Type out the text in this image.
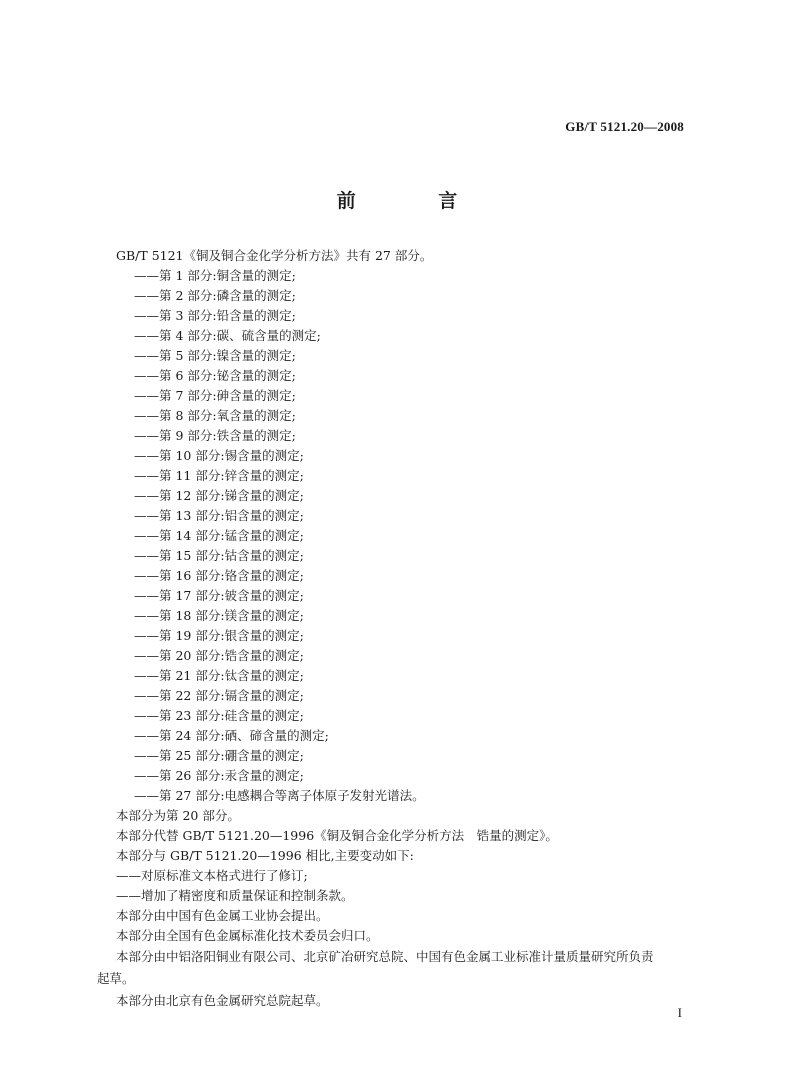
GB/T 5121.20—2008
前 言
GB/T 5121《铜及铜合金化学分析方法》共有 27 部分。
——第 1 部分:铜含量的测定;
——第 2 部分:磷含量的测定;
——第 3 部分:铅含量的测定;
——第 4 部分:碳、硫含量的测定;
——第 5 部分:镍含量的测定;
——第 6 部分:铋含量的测定;
——第 7 部分:砷含量的测定;
——第 8 部分:氧含量的测定;
——第 9 部分:铁含量的测定;
——第 10 部分:锡含量的测定;
——第 11 部分:锌含量的测定;
——第 12 部分:锑含量的测定;
——第 13 部分:铝含量的测定;
——第 14 部分:锰含量的测定;
——第 15 部分:钴含量的测定;
——第 16 部分:铬含量的测定;
——第 17 部分:铍含量的测定;
——第 18 部分:镁含量的测定;
——第 19 部分:银含量的测定;
——第 20 部分:锆含量的测定;
——第 21 部分:钛含量的测定;
——第 22 部分:镉含量的测定;
——第 23 部分:硅含量的测定;
——第 24 部分:硒、碲含量的测定;
——第 25 部分:硼含量的测定;
——第 26 部分:汞含量的测定;
——第 27 部分:电感耦合等离子体原子发射光谱法。
本部分为第 20 部分。
本部分代替 GB/T 5121.20—1996《铜及铜合金化学分析方法　锆量的测定》。
本部分与 GB/T 5121.20—1996 相比,主要变动如下:
——对原标准文本格式进行了修订;
——增加了精密度和质量保证和控制条款。
本部分由中国有色金属工业协会提出。
本部分由全国有色金属标准化技术委员会归口。
本部分由中铝洛阳铜业有限公司、北京矿冶研究总院、中国有色金属工业标准计量质量研究所负责
起草。
本部分由北京有色金属研究总院起草。
I
